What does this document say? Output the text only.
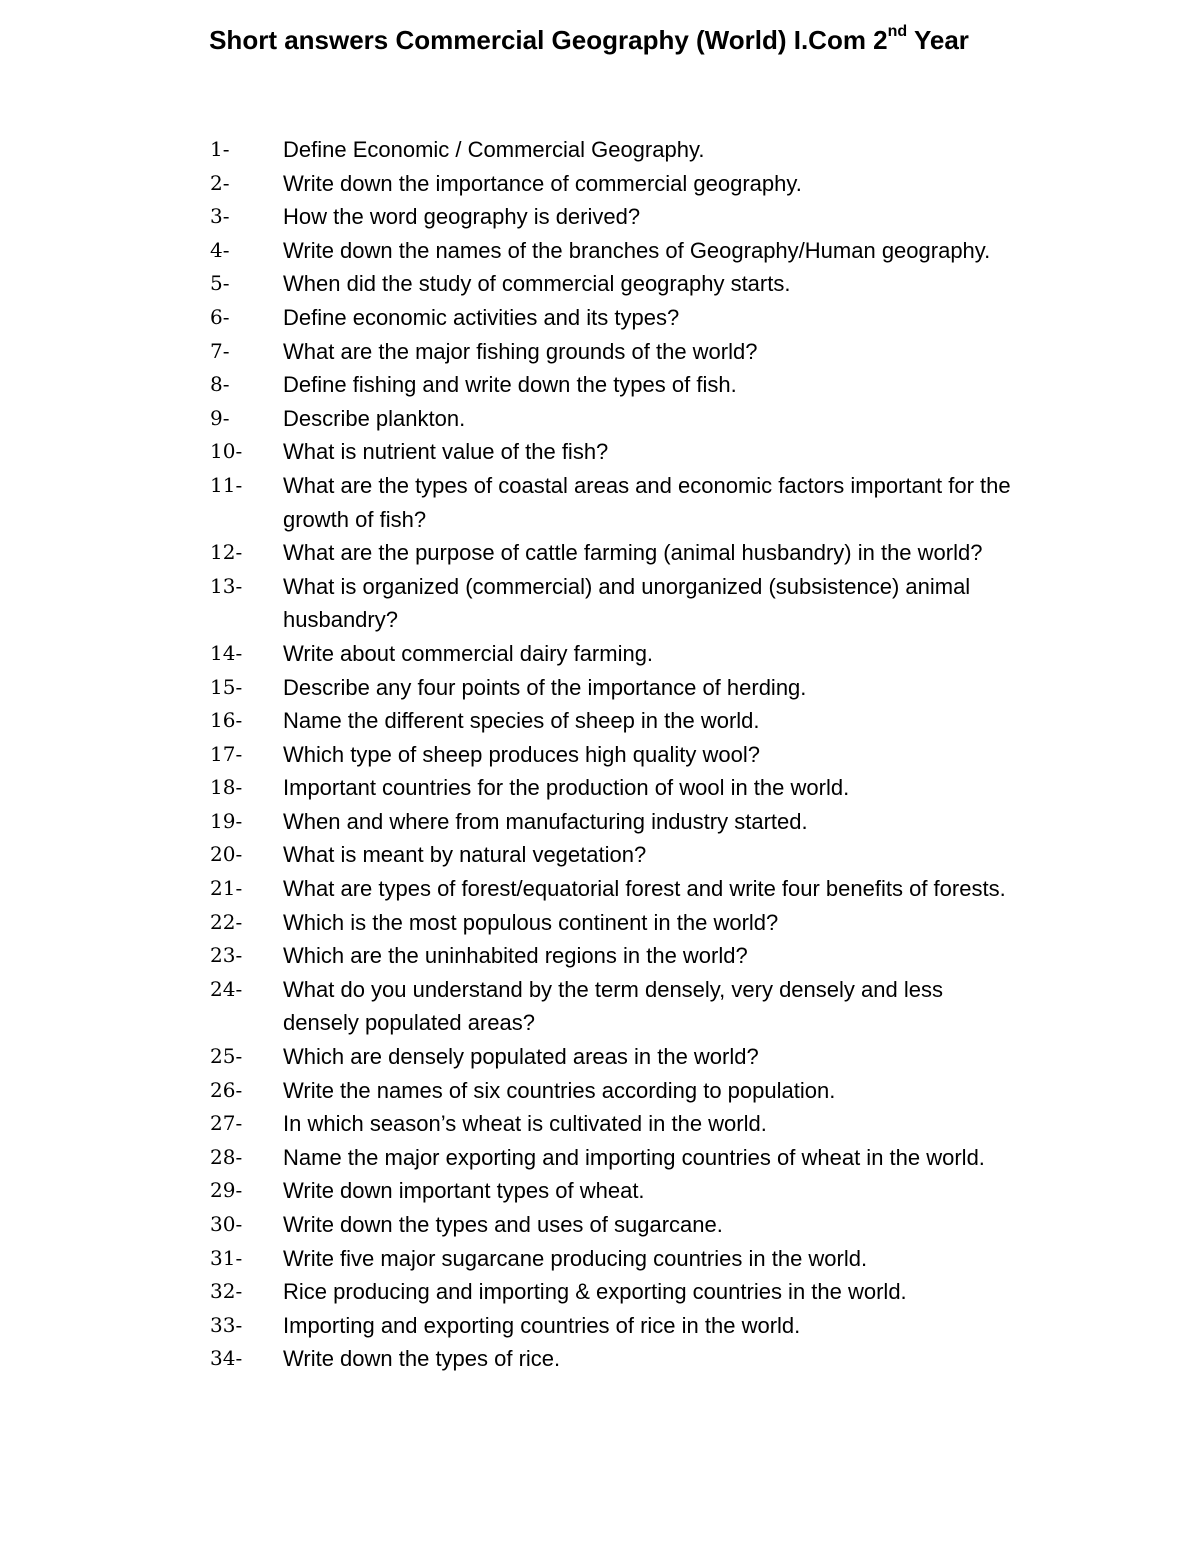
Short answers Commercial Geography (World) I.Com 2nd Year
1- Define Economic / Commercial Geography.
2- Write down the importance of commercial geography.
3- How the word geography is derived?
4- Write down the names of the branches of Geography/Human geography.
5- When did the study of commercial geography starts.
6- Define economic activities and its types?
7- What are the major fishing grounds of the world?
8- Define fishing and write down the types of fish.
9- Describe plankton.
10- What is nutrient value of the fish?
11- What are the types of coastal areas and economic factors important for the growth of fish?
12- What are the purpose of cattle farming (animal husbandry) in the world?
13- What is organized (commercial) and unorganized (subsistence) animal husbandry?
14- Write about commercial dairy farming.
15- Describe any four points of the importance of herding.
16- Name the different species of sheep in the world.
17- Which type of sheep produces high quality wool?
18- Important countries for the production of wool in the world.
19- When and where from manufacturing industry started.
20- What is meant by natural vegetation?
21- What are types of forest/equatorial forest and write four benefits of forests.
22- Which is the most populous continent in the world?
23- Which are the uninhabited regions in the world?
24- What do you understand by the term densely, very densely and less densely populated areas?
25- Which are densely populated areas in the world?
26- Write the names of six countries according to population.
27- In which season’s wheat is cultivated in the world.
28- Name the major exporting and importing countries of wheat in the world.
29- Write down important types of wheat.
30- Write down the types and uses of sugarcane.
31- Write five major sugarcane producing countries in the world.
32- Rice producing and importing & exporting countries in the world.
33- Importing and exporting countries of rice in the world.
34- Write down the types of rice.
